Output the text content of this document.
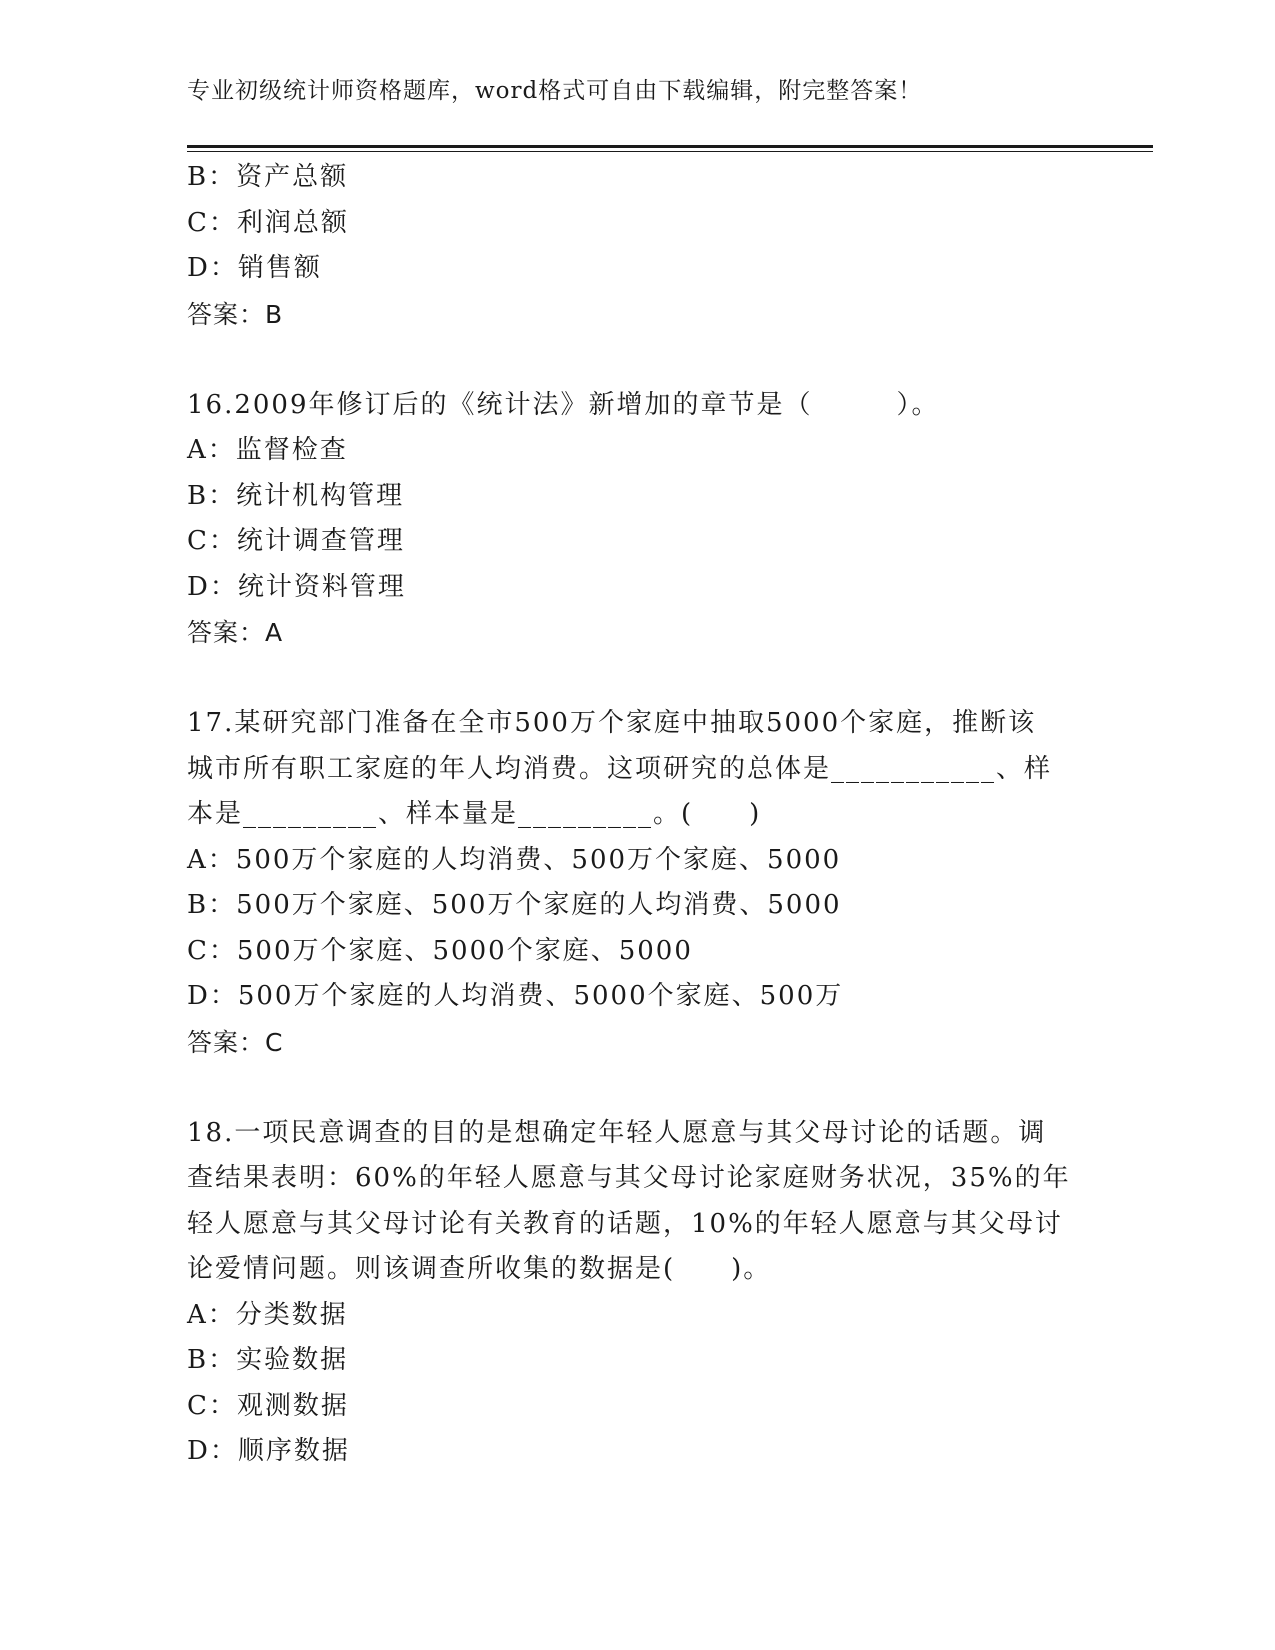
专业初级统计师资格题库，word格式可自由下载编辑，附完整答案！
B：资产总额
C：利润总额
D：销售额
答案：B
16.2009年修订后的《统计法》新增加的章节是（　　　）。
A：监督检查
B：统计机构管理
C：统计调查管理
D：统计资料管理
答案：A
17.某研究部门准备在全市500万个家庭中抽取5000个家庭，推断该
城市所有职工家庭的年人均消费。这项研究的总体是___________、样
本是_________、样本量是_________。(　　)
A：500万个家庭的人均消费、500万个家庭、5000
B：500万个家庭、500万个家庭的人均消费、5000
C：500万个家庭、5000个家庭、5000
D：500万个家庭的人均消费、5000个家庭、500万
答案：C
18.一项民意调查的目的是想确定年轻人愿意与其父母讨论的话题。调
查结果表明：60%的年轻人愿意与其父母讨论家庭财务状况，35%的年
轻人愿意与其父母讨论有关教育的话题，10%的年轻人愿意与其父母讨
论爱情问题。则该调查所收集的数据是(　　)。
A：分类数据
B：实验数据
C：观测数据
D：顺序数据
